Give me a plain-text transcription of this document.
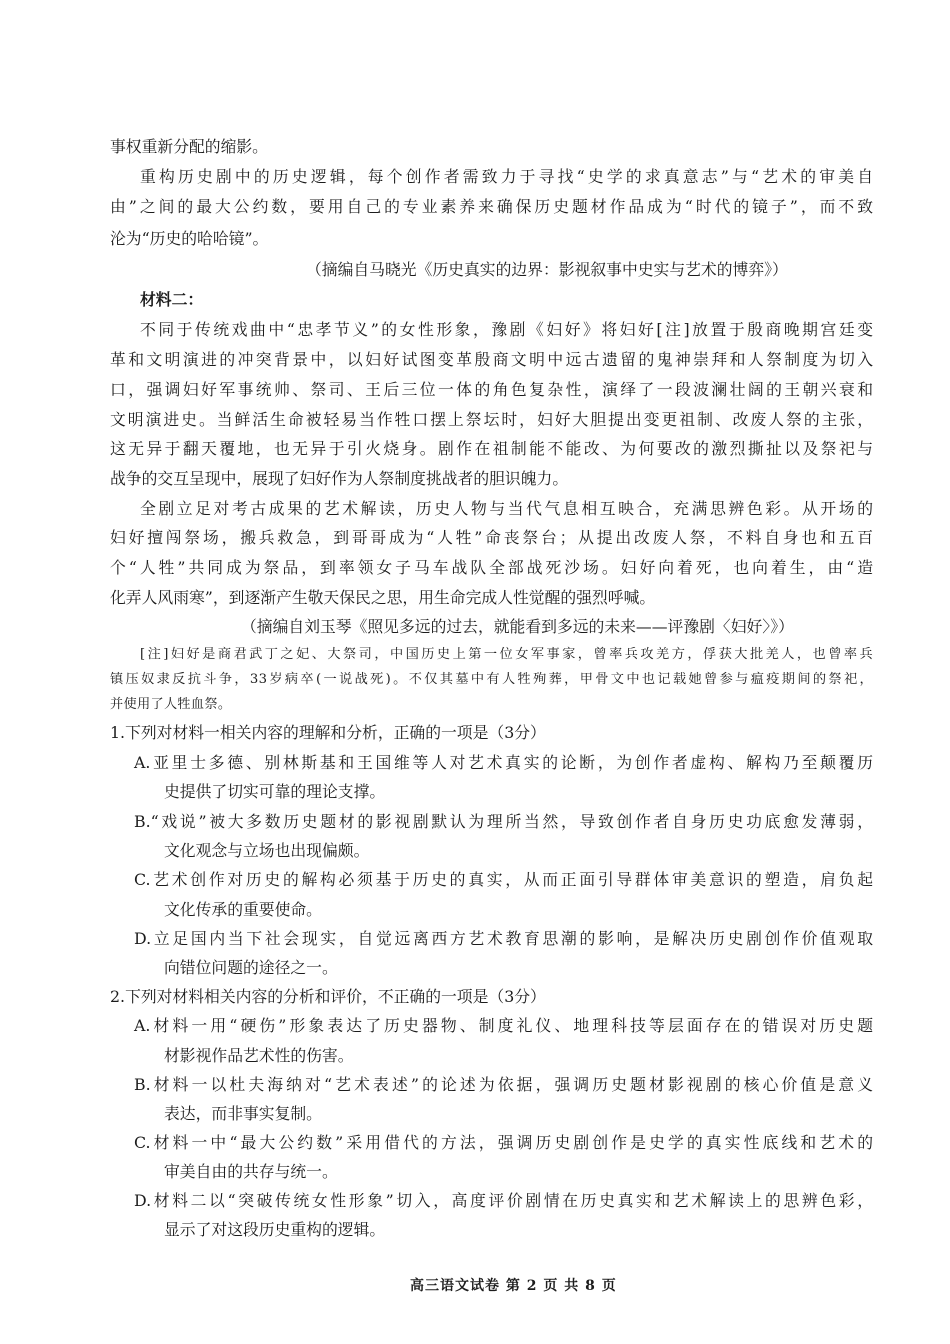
事权重新分配的缩影。
重构历史剧中的历史逻辑，每个创作者需致力于寻找“史学的求真意志”与“艺术的审美自
由”之间的最大公约数，要用自己的专业素养来确保历史题材作品成为“时代的镜子”，而不致
沦为“历史的哈哈镜”。
（摘编自马晓光《历史真实的边界：影视叙事中史实与艺术的博弈》）
材料二：
不同于传统戏曲中“忠孝节义”的女性形象，豫剧《妇好》将妇好[注]放置于殷商晚期宫廷变
革和文明演进的冲突背景中，以妇好试图变革殷商文明中远古遗留的鬼神崇拜和人祭制度为切入
口，强调妇好军事统帅、祭司、王后三位一体的角色复杂性，演绎了一段波澜壮阔的王朝兴衰和
文明演进史。当鲜活生命被轻易当作牲口摆上祭坛时，妇好大胆提出变更祖制、改废人祭的主张，
这无异于翻天覆地，也无异于引火烧身。剧作在祖制能不能改、为何要改的激烈撕扯以及祭祀与
战争的交互呈现中，展现了妇好作为人祭制度挑战者的胆识魄力。
全剧立足对考古成果的艺术解读，历史人物与当代气息相互映合，充满思辨色彩。从开场的
妇好擅闯祭场，搬兵救急，到哥哥成为“人牲”命丧祭台；从提出改废人祭，不料自身也和五百
个“人牲”共同成为祭品，到率领女子马车战队全部战死沙场。妇好向着死，也向着生，由“造
化弄人风雨寒”，到逐渐产生敬天保民之思，用生命完成人性觉醒的强烈呼喊。
（摘编自刘玉琴《照见多远的过去，就能看到多远的未来——评豫剧〈妇好〉》）
[注]妇好是商君武丁之妃、大祭司，中国历史上第一位女军事家，曾率兵攻羌方，俘获大批羌人，也曾率兵
镇压奴隶反抗斗争，33岁病卒(一说战死)。不仅其墓中有人牲殉葬，甲骨文中也记载她曾参与瘟疫期间的祭祀，
并使用了人牲血祭。
1.下列对材料一相关内容的理解和分析，正确的一项是（3分）
A.亚里士多德、别林斯基和王国维等人对艺术真实的论断，为创作者虚构、解构乃至颠覆历
史提供了切实可靠的理论支撑。
B.“戏说”被大多数历史题材的影视剧默认为理所当然，导致创作者自身历史功底愈发薄弱，
文化观念与立场也出现偏颇。
C.艺术创作对历史的解构必须基于历史的真实，从而正面引导群体审美意识的塑造，肩负起
文化传承的重要使命。
D.立足国内当下社会现实，自觉远离西方艺术教育思潮的影响，是解决历史剧创作价值观取
向错位问题的途径之一。
2.下列对材料相关内容的分析和评价，不正确的一项是（3分）
A.材料一用“硬伤”形象表达了历史器物、制度礼仪、地理科技等层面存在的错误对历史题
材影视作品艺术性的伤害。
B.材料一以杜夫海纳对“艺术表述”的论述为依据，强调历史题材影视剧的核心价值是意义
表达，而非事实复制。
C.材料一中“最大公约数”采用借代的方法，强调历史剧创作是史学的真实性底线和艺术的
审美自由的共存与统一。
D.材料二以“突破传统女性形象”切入，高度评价剧情在历史真实和艺术解读上的思辨色彩，
显示了对这段历史重构的逻辑。
高三语文试卷 第 2 页 共 8 页
